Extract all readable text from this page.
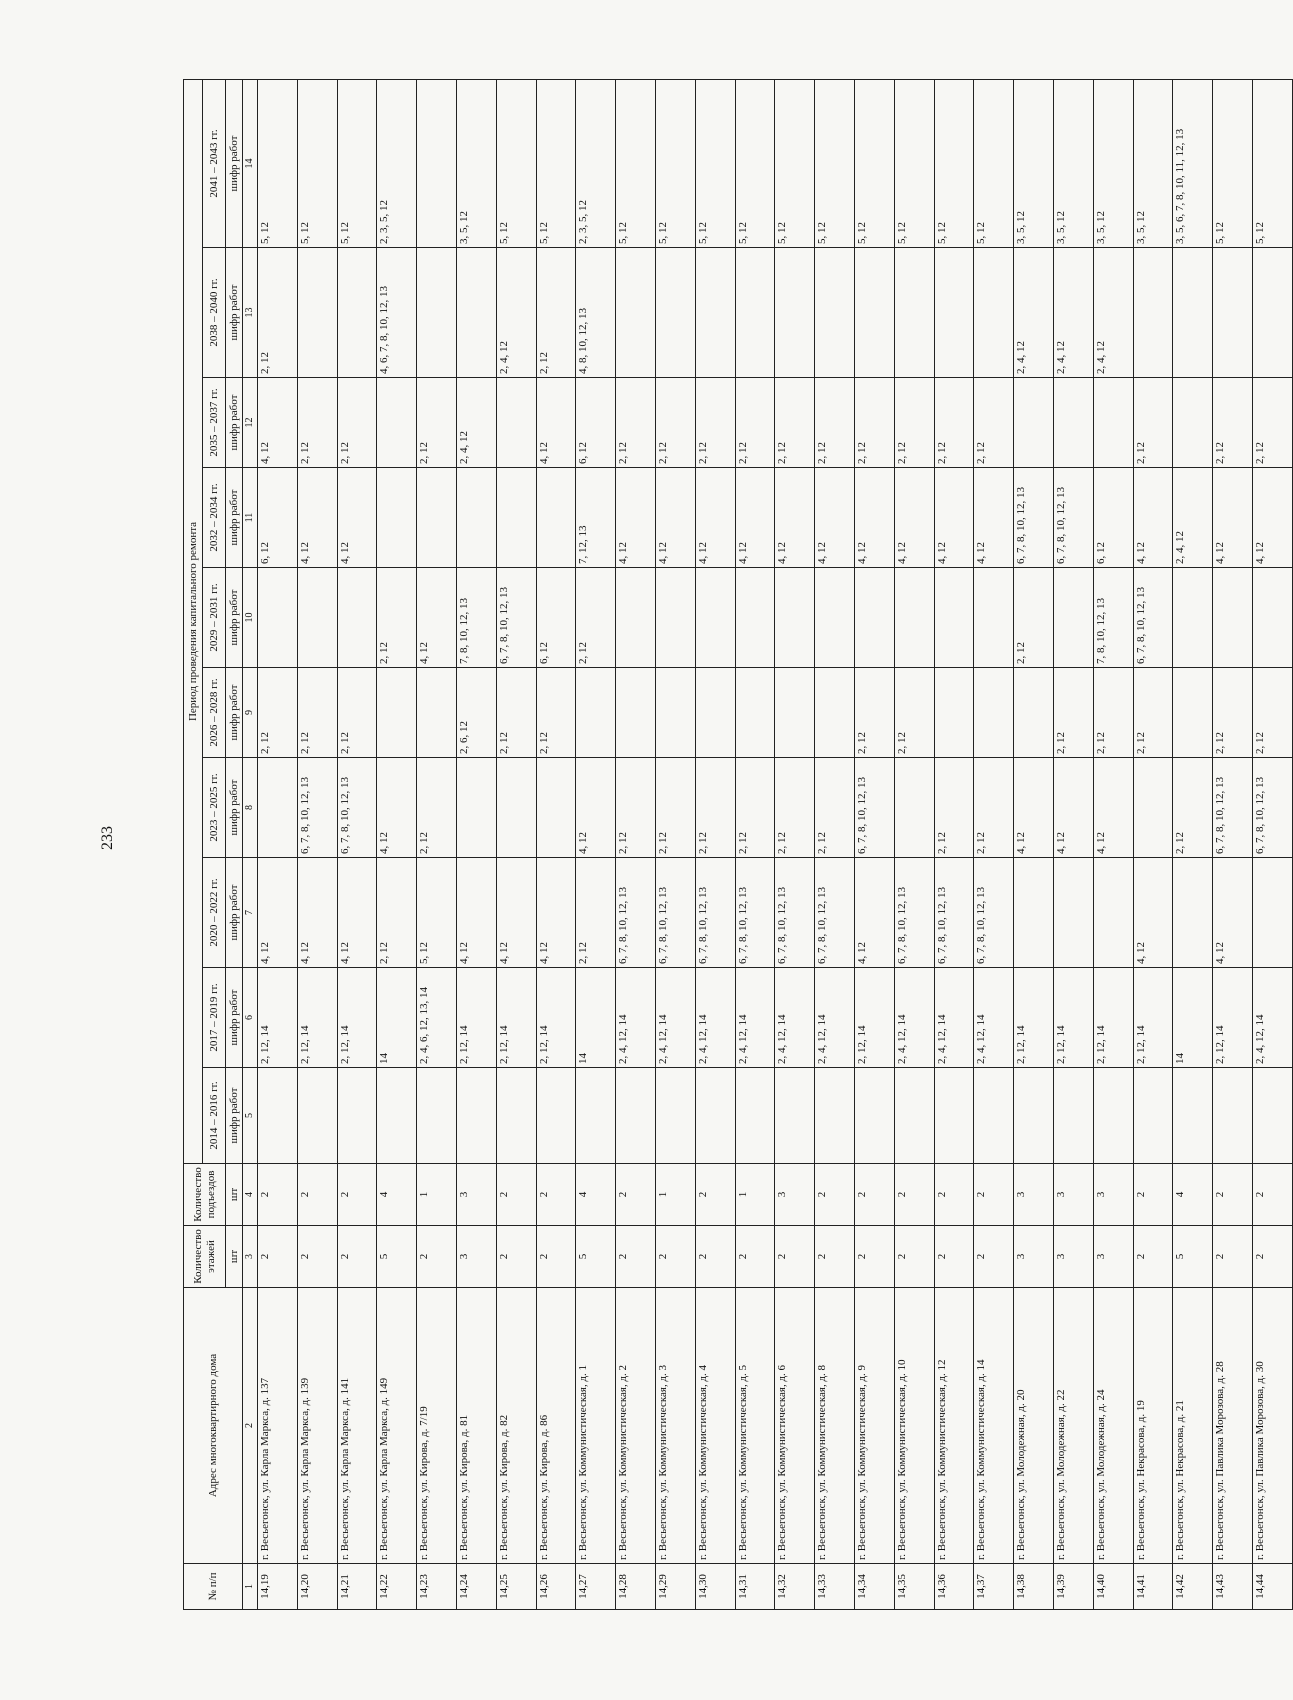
233
№ п/п	Адрес многоквартирного дома	Количество этажей	Количество подъездов	Период проведения капитального ремонта									
				2014 – 2016 гг.	2017 – 2019 гг.	2020 – 2022 гг.	2023 – 2025 гг.	2026 – 2028 гг.	2029 – 2031 гг.	2032 – 2034 гг.	2035 – 2037 гг.	2038 – 2040 гг.	2041 – 2043 гг.
		шт	шт	шифр работ	шифр работ	шифр работ	шифр работ	шифр работ	шифр работ	шифр работ	шифр работ	шифр работ	шифр работ
1	2	3	4	5	6	7	8	9	10	11	12	13	14
14,19	г. Весьегонск, ул. Карла Маркса, д. 137	2	2		2, 12, 14	4, 12		2, 12		6, 12	4, 12	2, 12	5, 12
14,20	г. Весьегонск, ул. Карла Маркса, д. 139	2	2		2, 12, 14	4, 12	6, 7, 8, 10, 12, 13	2, 12		4, 12	2, 12		5, 12
14,21	г. Весьегонск, ул. Карла Маркса, д. 141	2	2		2, 12, 14	4, 12	6, 7, 8, 10, 12, 13	2, 12		4, 12	2, 12		5, 12
14,22	г. Весьегонск, ул. Карла Маркса, д. 149	5	4		14	2, 12	4, 12		2, 12			4, 6, 7, 8, 10, 12, 13	2, 3, 5, 12
14,23	г. Весьегонск, ул. Кирова, д. 7/19	2	1		2, 4, 6, 12, 13, 14	5, 12	2, 12		4, 12		2, 12		
14,24	г. Весьегонск, ул. Кирова, д. 81	3	3		2, 12, 14	4, 12		2, 6, 12	7, 8, 10, 12, 13		2, 4, 12		3, 5, 12
14,25	г. Весьегонск, ул. Кирова, д. 82	2	2		2, 12, 14	4, 12		2, 12	6, 7, 8, 10, 12, 13			2, 4, 12	5, 12
14,26	г. Весьегонск, ул. Кирова, д. 86	2	2		2, 12, 14	4, 12		2, 12	6, 12		4, 12	2, 12	5, 12
14,27	г. Весьегонск, ул. Коммунистическая, д. 1	5	4		14	2, 12	4, 12		2, 12	7, 12, 13	6, 12	4, 8, 10, 12, 13	2, 3, 5, 12
14,28	г. Весьегонск, ул. Коммунистическая, д. 2	2	2		2, 4, 12, 14	6, 7, 8, 10, 12, 13	2, 12			4, 12	2, 12		5, 12
14,29	г. Весьегонск, ул. Коммунистическая, д. 3	2	1		2, 4, 12, 14	6, 7, 8, 10, 12, 13	2, 12			4, 12	2, 12		5, 12
14,30	г. Весьегонск, ул. Коммунистическая, д. 4	2	2		2, 4, 12, 14	6, 7, 8, 10, 12, 13	2, 12			4, 12	2, 12		5, 12
14,31	г. Весьегонск, ул. Коммунистическая, д. 5	2	1		2, 4, 12, 14	6, 7, 8, 10, 12, 13	2, 12			4, 12	2, 12		5, 12
14,32	г. Весьегонск, ул. Коммунистическая, д. 6	2	3		2, 4, 12, 14	6, 7, 8, 10, 12, 13	2, 12			4, 12	2, 12		5, 12
14,33	г. Весьегонск, ул. Коммунистическая, д. 8	2	2		2, 4, 12, 14	6, 7, 8, 10, 12, 13	2, 12			4, 12	2, 12		5, 12
14,34	г. Весьегонск, ул. Коммунистическая, д. 9	2	2		2, 12, 14	4, 12	6, 7, 8, 10, 12, 13	2, 12		4, 12	2, 12		5, 12
14,35	г. Весьегонск, ул. Коммунистическая, д. 10	2	2		2, 4, 12, 14	6, 7, 8, 10, 12, 13		2, 12		4, 12	2, 12		5, 12
14,36	г. Весьегонск, ул. Коммунистическая, д. 12	2	2		2, 4, 12, 14	6, 7, 8, 10, 12, 13	2, 12			4, 12	2, 12		5, 12
14,37	г. Весьегонск, ул. Коммунистическая, д. 14	2	2		2, 4, 12, 14	6, 7, 8, 10, 12, 13	2, 12			4, 12	2, 12		5, 12
14,38	г. Весьегонск, ул. Молодежная, д. 20	3	3		2, 12, 14		4, 12		2, 12	6, 7, 8, 10, 12, 13		2, 4, 12	3, 5, 12
14,39	г. Весьегонск, ул. Молодежная, д. 22	3	3		2, 12, 14		4, 12	2, 12		6, 7, 8, 10, 12, 13		2, 4, 12	3, 5, 12
14,40	г. Весьегонск, ул. Молодежная, д. 24	3	3		2, 12, 14		4, 12	2, 12	7, 8, 10, 12, 13	6, 12		2, 4, 12	3, 5, 12
14,41	г. Весьегонск, ул. Некрасова, д. 19	2	2		2, 12, 14	4, 12		2, 12	6, 7, 8, 10, 12, 13	4, 12	2, 12		3, 5, 12
14,42	г. Весьегонск, ул. Некрасова, д. 21	5	4		14		2, 12			2, 4, 12			3, 5, 6, 7, 8, 10, 11, 12, 13
14,43	г. Весьегонск, ул. Павлика Морозова, д. 28	2	2		2, 12, 14	4, 12	6, 7, 8, 10, 12, 13	2, 12		4, 12	2, 12		5, 12
14,44	г. Весьегонск, ул. Павлика Морозова, д. 30	2	2		2, 4, 12, 14		6, 7, 8, 10, 12, 13	2, 12		4, 12	2, 12		5, 12
